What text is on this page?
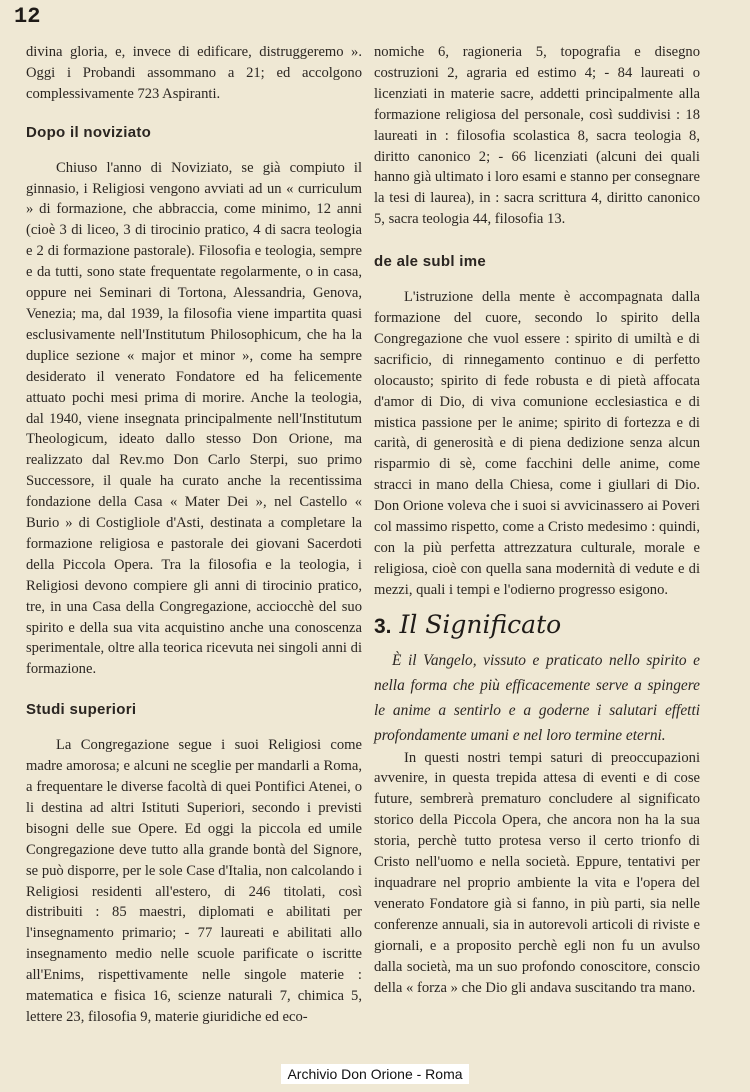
12

divina gloria, e, invece di edificare, distruggeremo ». Oggi i Probandi assommano a 21; ed accolgono complessivamente 723 Aspiranti.

Dopo il noviziato

Chiuso l'anno di Noviziato, se già compiuto il ginnasio, i Religiosi vengono avviati ad un « curriculum » di formazione, che abbraccia, come minimo, 12 anni (cioè 3 di liceo, 3 di tirocinio pratico, 4 di sacra teologia e 2 di formazione pastorale). Filosofia e teologia, sempre e da tutti, sono state frequentate regolarmente, o in casa, oppure nei Seminari di Tortona, Alessandria, Genova, Venezia; ma, dal 1939, la filosofia viene impartita quasi esclusivamente nell'Institutum Philosophicum, che ha la duplice sezione « major et minor », come ha sempre desiderato il venerato Fondatore ed ha felicemente attuato pochi mesi prima di morire. Anche la teologia, dal 1940, viene insegnata principalmente nell'Institutum Theologicum, ideato dallo stesso Don Orione, ma realizzato dal Rev.mo Don Carlo Sterpi, suo primo Successore, il quale ha curato anche la recentissima fondazione della Casa « Mater Dei », nel Castello « Burio » di Costigliole d'Asti, destinata a completare la formazione religiosa e pastorale dei giovani Sacerdoti della Piccola Opera. Tra la filosofia e la teologia, i Religiosi devono compiere gli anni di tirocinio pratico, tre, in una Casa della Congregazione, acciocchè del suo spirito e della sua vita acquistino anche una conoscenza sperimentale, oltre alla teorica ricevuta nei singoli anni di formazione.

Studi superiori

La Congregazione segue i suoi Religiosi come madre amorosa; e alcuni ne sceglie per mandarli a Roma, a frequentare le diverse facoltà di quei Pontifici Atenei, o li destina ad altri Istituti Superiori, secondo i previsti bisogni delle sue Opere. Ed oggi la piccola ed umile Congregazione deve tutto alla grande bontà del Signore, se può disporre, per le sole Case d'Italia, non calcolando i Religiosi residenti all'estero, di 246 titolati, così distribuiti : 85 maestri, diplomati e abilitati per l'insegnamento primario; - 77 laureati e abilitati allo insegnamento medio nelle scuole parificate o iscritte all'Enims, rispettivamente nelle singole materie : matematica e fisica 16, scienze naturali 7, chimica 5, lettere 23, filosofia 9, materie giuridiche ed eco-

nomiche 6, ragioneria 5, topografia e disegno costruzioni 2, agraria ed estimo 4; - 84 laureati o licenziati in materie sacre, addetti principalmente alla formazione religiosa del personale, così suddivisi : 18 laureati in : filosofia scolastica 8, sacra teologia 8, diritto canonico 2; - 66 licenziati (alcuni dei quali hanno già ultimato i loro esami e stanno per consegnare la tesi di laurea), in : sacra scrittura 4, diritto canonico 5, sacra teologia 44, filosofia 13.

de ale subl ime

L'istruzione della mente è accompagnata dalla formazione del cuore, secondo lo spirito della Congregazione che vuol essere : spirito di umiltà e di sacrificio, di rinnegamento continuo e di perfetto olocausto; spirito di fede robusta e di pietà affocata d'amor di Dio, di viva comunione ecclesiastica e di mistica passione per le anime; spirito di fortezza e di carità, di generosità e di piena dedizione senza alcun risparmio di sè, come facchini delle anime, come stracci in mano della Chiesa, come i giullari di Dio. Don Orione voleva che i suoi si avvicinassero ai Poveri col massimo rispetto, come a Cristo medesimo : quindi, con la più perfetta attrezzatura culturale, morale e religiosa, cioè con quella sana modernità di vedute e di mezzi, quali i tempi e l'odierno progresso esigono.

3. Il Significato

È il Vangelo, vissuto e praticato nello spirito e nella forma che più efficacemente serve a spingere le anime a sentirlo e a goderne i salutari effetti profondamente umani e nel loro termine eterni.

In questi nostri tempi saturi di preoccupazioni avvenire, in questa trepida attesa di eventi e di cose future, sembrerà prematuro concludere al significato storico della Piccola Opera, che ancora non ha la sua storia, perchè tutto protesa verso il certo trionfo di Cristo nell'uomo e nella società. Eppure, tentativi per inquadrare nel proprio ambiente la vita e l'opera del venerato Fondatore già si fanno, in più parti, sia nelle conferenze annuali, sia in autorevoli articoli di riviste e giornali, e a proposito perchè egli non fu un avulso dalla società, ma un suo profondo conoscitore, conscio della « forza » che Dio gli andava suscitando tra mano.

Archivio Don Orione - Roma
